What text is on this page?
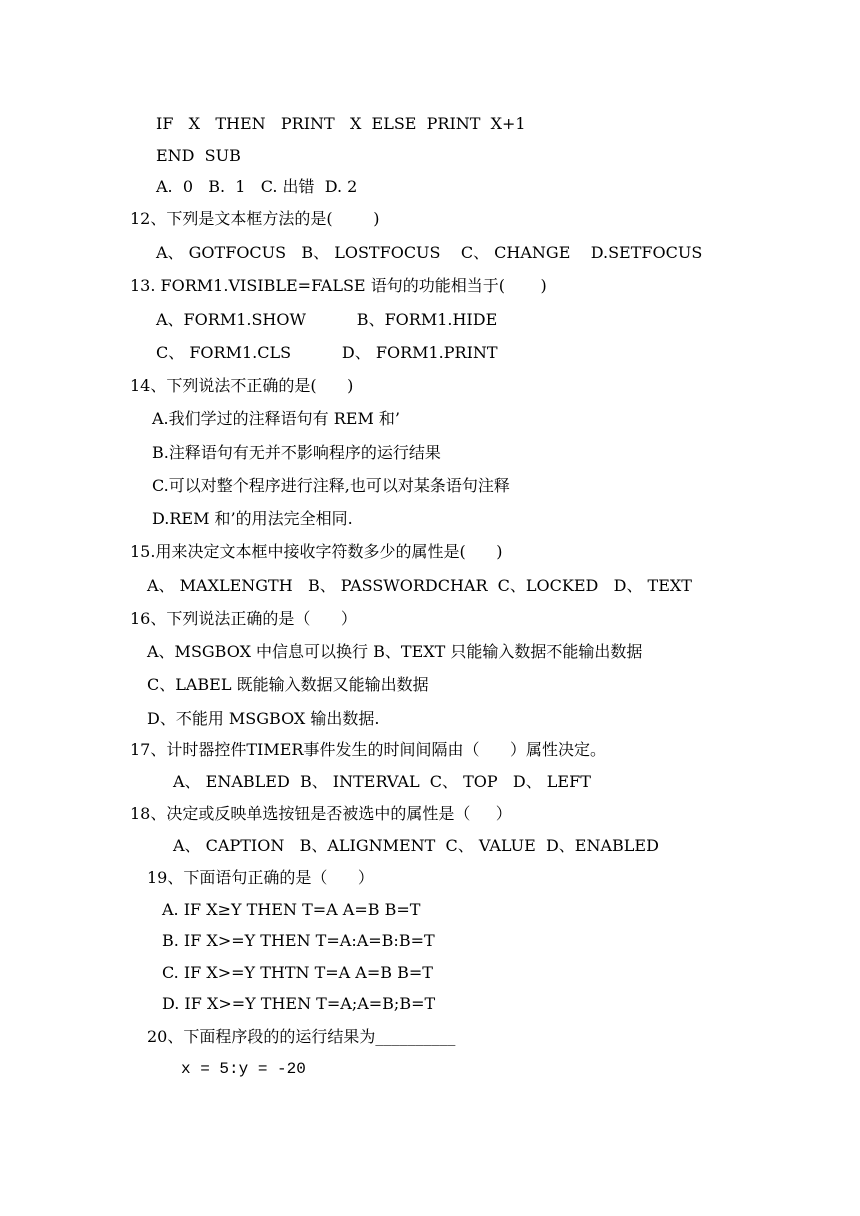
IF   X   THEN   PRINT   X  ELSE  PRINT  X+1
END  SUB
A.  0   B.  1   C. 出错  D. 2
12、下列是文本框方法的是(        )
A、 GOTFOCUS   B、 LOSTFOCUS    C、 CHANGE    D.SETFOCUS
13. FORM1.VISIBLE=FALSE 语句的功能相当于(       )
A、FORM1.SHOW          B、FORM1.HIDE
C、 FORM1.CLS          D、 FORM1.PRINT
14、下列说法不正确的是(      )
A.我们学过的注释语句有 REM 和’
B.注释语句有无并不影响程序的运行结果
C.可以对整个程序进行注释,也可以对某条语句注释
D.REM 和’的用法完全相同.
15.用来决定文本框中接收字符数多少的属性是(      )
A、 MAXLENGTH   B、 PASSWORDCHAR  C、LOCKED   D、 TEXT
16、下列说法正确的是（      ）
A、MSGBOX 中信息可以换行 B、TEXT 只能输入数据不能输出数据
C、LABEL 既能输入数据又能输出数据
D、不能用 MSGBOX 输出数据.
17、计时器控件TIMER事件发生的时间间隔由（      ）属性决定。
A、 ENABLED  B、 INTERVAL  C、 TOP   D、 LEFT
18、决定或反映单选按钮是否被选中的属性是（     ）
A、 CAPTION   B、ALIGNMENT  C、 VALUE  D、ENABLED
19、下面语句正确的是（      ）
A. IF X≥Y THEN T=A A=B B=T
B. IF X>=Y THEN T=A:A=B:B=T
C. IF X>=Y THTN T=A A=B B=T
D. IF X>=Y THEN T=A;A=B;B=T
20、下面程序段的的运行结果为__________
x = 5:y = -20
